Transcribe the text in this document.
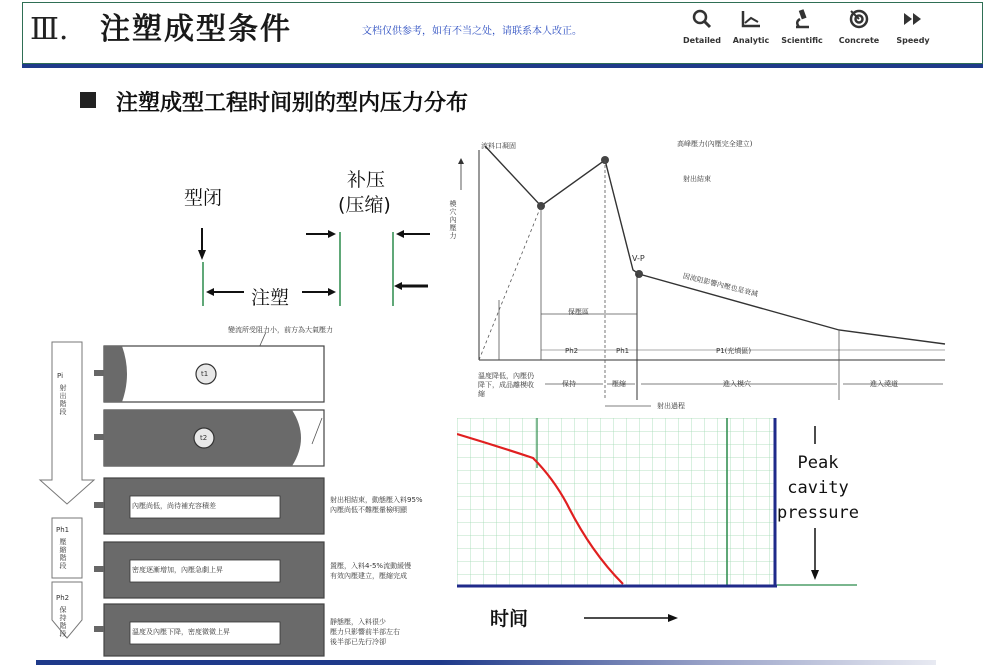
Ⅲ. 注塑成型条件	文档仅供参考，如有不当之处，请联系本人改正。
Detailed	Analytic	Scientific	Concrete	Speedy
注塑成型工程时间别的型内压力分布
型闭
补压
(压缩)
注塑
變流所受阻力小，前方為大氣壓力
t1
t2
內壓尚低，尚待補充容積差
密度逐漸增加，內壓急劇上昇
溫度及內壓下降，密度微微上昇
射出相結束，動態壓入料95%
內壓尚低不難壓暈檢明顯
置壓，入料4-5%流動緩慢
有效內壓建立，壓縮完成
靜態壓，入料很少
壓力只影響前半部左右
後半部已先行冷卻
Pi
射出階段
Ph1
壓縮階段
Ph2
保持階段
流料口凝固	高峰壓力(內壓完全建立)
射出結束
V-P
因流阻影響內壓也是衰減
模穴內壓力
保壓區
Ph2	Ph1	P1(充填區)
溫度降低，內壓仍降下，成品離模收縮
保持	壓縮	進入模穴	進入澆道
射出過程
Peak
cavity
pressure
时间
